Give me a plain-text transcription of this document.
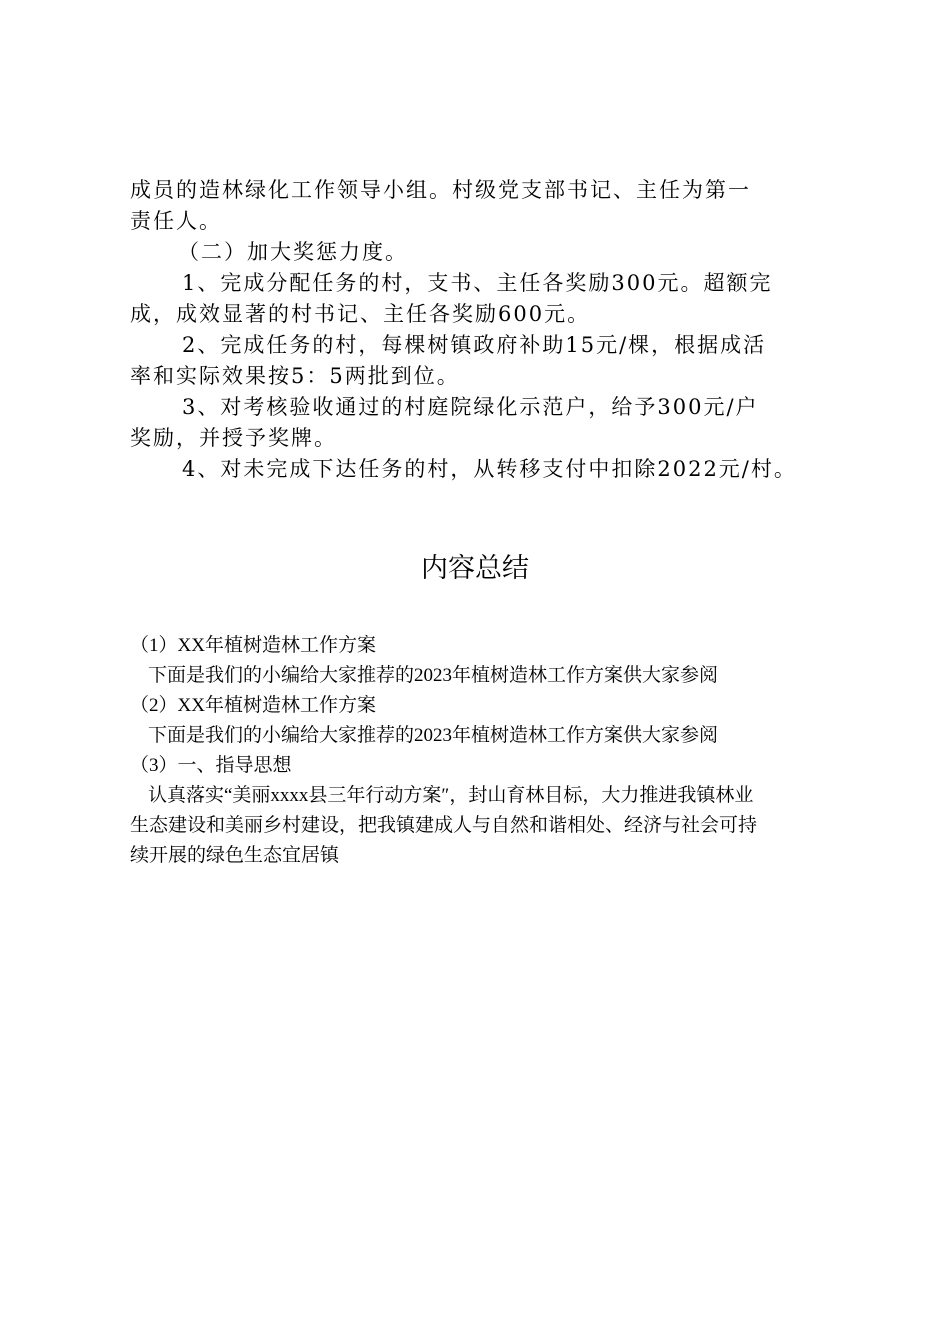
成员的造林绿化工作领导小组。村级党支部书记、主任为第一

责任人。

（二）加大奖惩力度。

1、完成分配任务的村，支书、主任各奖励300元。超额完

成，成效显著的村书记、主任各奖励600元。

2、完成任务的村，每棵树镇政府补助15元/棵，根据成活

率和实际效果按5：5两批到位。

3、对考核验收通过的村庭院绿化示范户，给予300元/户

奖励，并授予奖牌。

4、对未完成下达任务的村，从转移支付中扣除2022元/村。

内容总结

（1）XX年植树造林工作方案

下面是我们的小编给大家推荐的2023年植树造林工作方案供大家参阅

（2）XX年植树造林工作方案

下面是我们的小编给大家推荐的2023年植树造林工作方案供大家参阅

（3）一、指导思想

认真落实“美丽xxxx县三年行动方案″，封山育林目标，大力推进我镇林业

生态建设和美丽乡村建设，把我镇建成人与自然和谐相处、经济与社会可持

续开展的绿色生态宜居镇
